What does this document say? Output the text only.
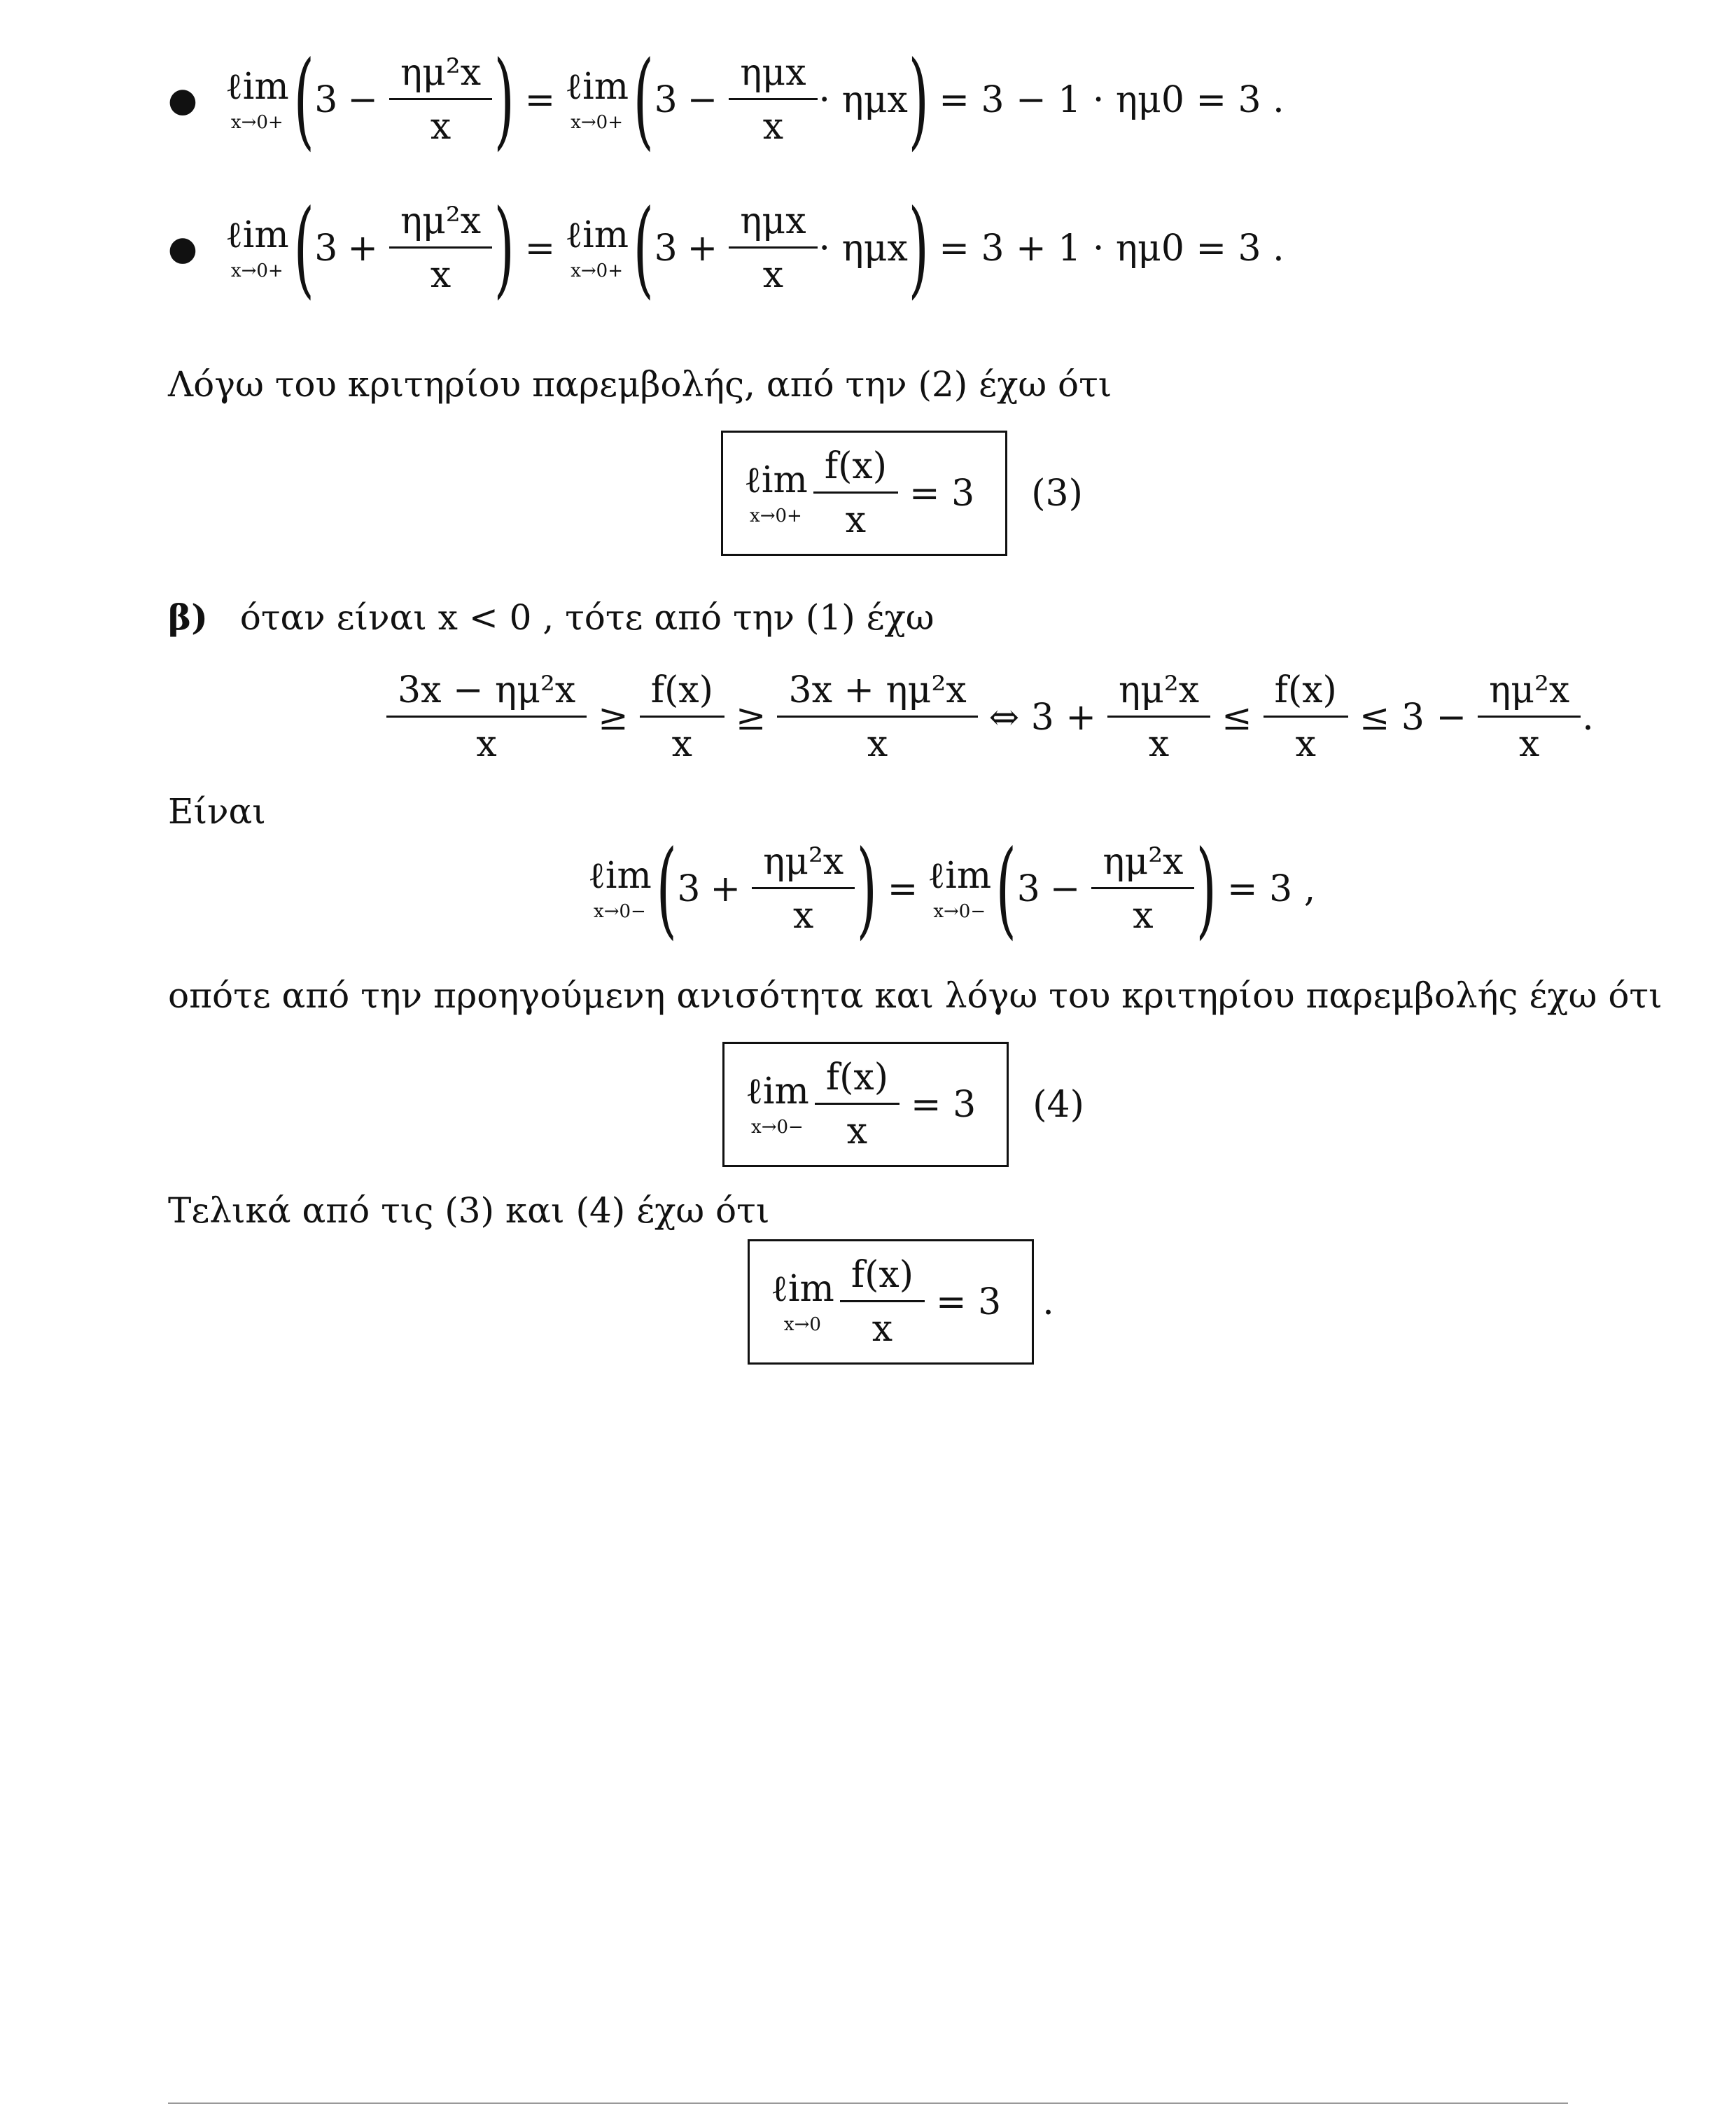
● ℓim
x→0+ ( $3 - \frac{\text{ημ²x}}{x}$ ) = ℓim
x→0+ ( $3 - \frac{\text{ημx}}{x} \cdot \eta\mu x$ ) = 3 − 1 · ημ0 = 3 .
● ℓim
x→0+ ( $3 + \frac{\text{ημ²x}}{x}$ ) = ℓim
x→0+ ( $3 + \frac{\text{ημx}}{x} \cdot \eta\mu x$ ) = 3 + 1 · ημ0 = 3 .
Λόγω του κριτηρίου παρεμβολής, από την (2) έχω ότι
ℓim
$x\to 0+ \frac{f(x)}{x} = 3$ (3)
β) όταν είναι x < 0 , τότε από την (1) έχω
$\frac{\text{3x − ημ²x}}{x} \ge \frac{f(x)}{x} \ge \frac{\text{3x + ημ²x}}{x}$ ⇔ $3 + \frac{\text{ημ²x}}{x} \le \frac{f(x)}{x} \le 3 - \frac{\text{ημ²x}}{x}$ .
Είναι
ℓim
x→0− ( $3 + \frac{\text{ημ²x}}{x}$ ) = ℓim
x→0− ( $3 - \frac{\text{ημ²x}}{x}$ ) = 3 ,
οπότε από την προηγούμενη ανισότητα και λόγω του κριτηρίου παρεμβολής έχω ότι
ℓim
$x\to 0- \frac{f(x)}{x} = 3$ (4)
Τελικά από τις (3) και (4) έχω ότι
ℓim
$x\to 0 \frac{f(x)}{x} = 3$ .
